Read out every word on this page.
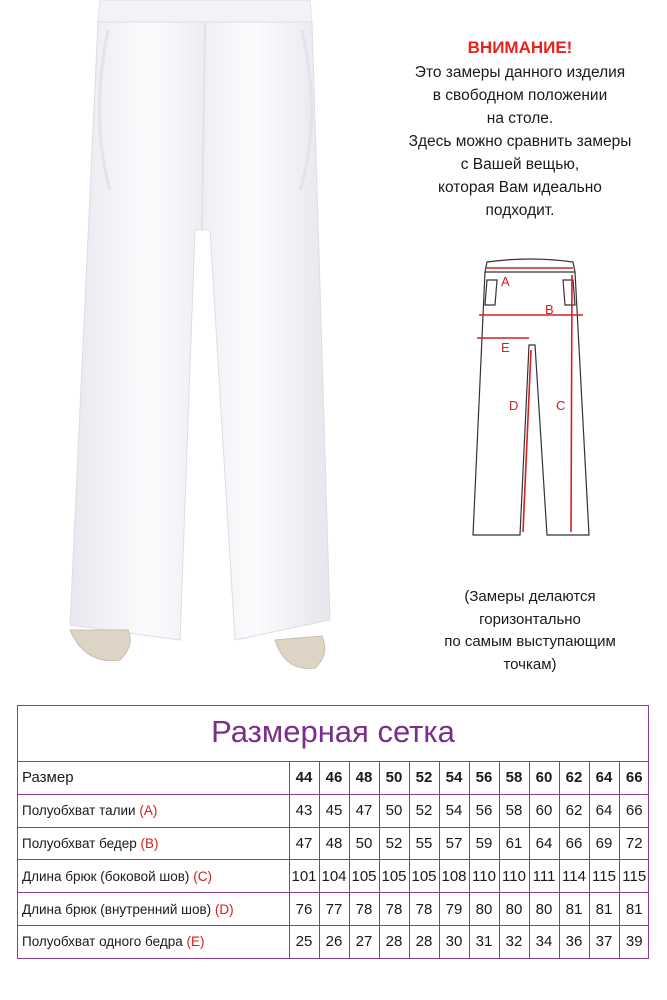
ВНИМАНИЕ!
Это замеры данного изделия
в свободном положении
на столе.
Здесь можно сравнить замеры
с Вашей вещью,
которая Вам идеально
подходит.
A
B
E
D	C
(Замеры делаются
горизонтально
по самым выступающим
точкам)
Размерная сетка
Размер	44	46	48	50	52	54	56	58	60	62	64	66
Полуобхват талии (A)	43	45	47	50	52	54	56	58	60	62	64	66
Полуобхват бедер (B)	47	48	50	52	55	57	59	61	64	66	69	72
Длина брюк (боковой шов) (C)	101	104	105	105	105	108	110	110	111	114	115	115
Длина брюк (внутренний шов) (D)	76	77	78	78	78	79	80	80	80	81	81	81
Полуобхват одного бедра (E)	25	26	27	28	28	30	31	32	34	36	37	39
